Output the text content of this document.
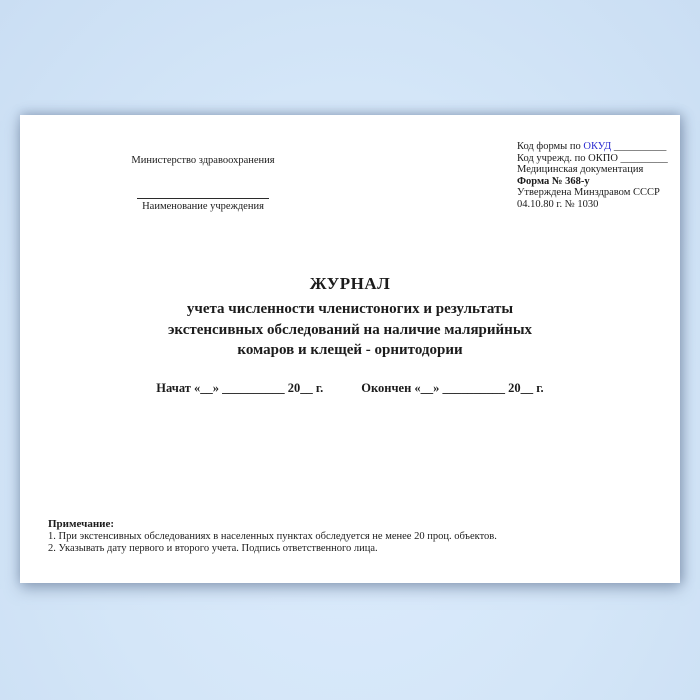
Министерство здравоохранения
Наименование учреждения
Код формы по ОКУД __________
Код учрежд. по ОКПО _________
Медицинская документация
Форма № 368-у
Утверждена Минздравом СССР
04.10.80 г. № 1030
ЖУРНАЛ
учета численности членистоногих и результаты
экстенсивных обследований на наличие малярийных
комаров и клещей - орнитодории
Начат «__» __________ 20__ г.	Окончен «__» __________ 20__ г.
Примечание:
1. При экстенсивных обследованиях в населенных пунктах обследуется не менее 20 проц. объектов.
2. Указывать дату первого и второго учета. Подпись ответственного лица.
